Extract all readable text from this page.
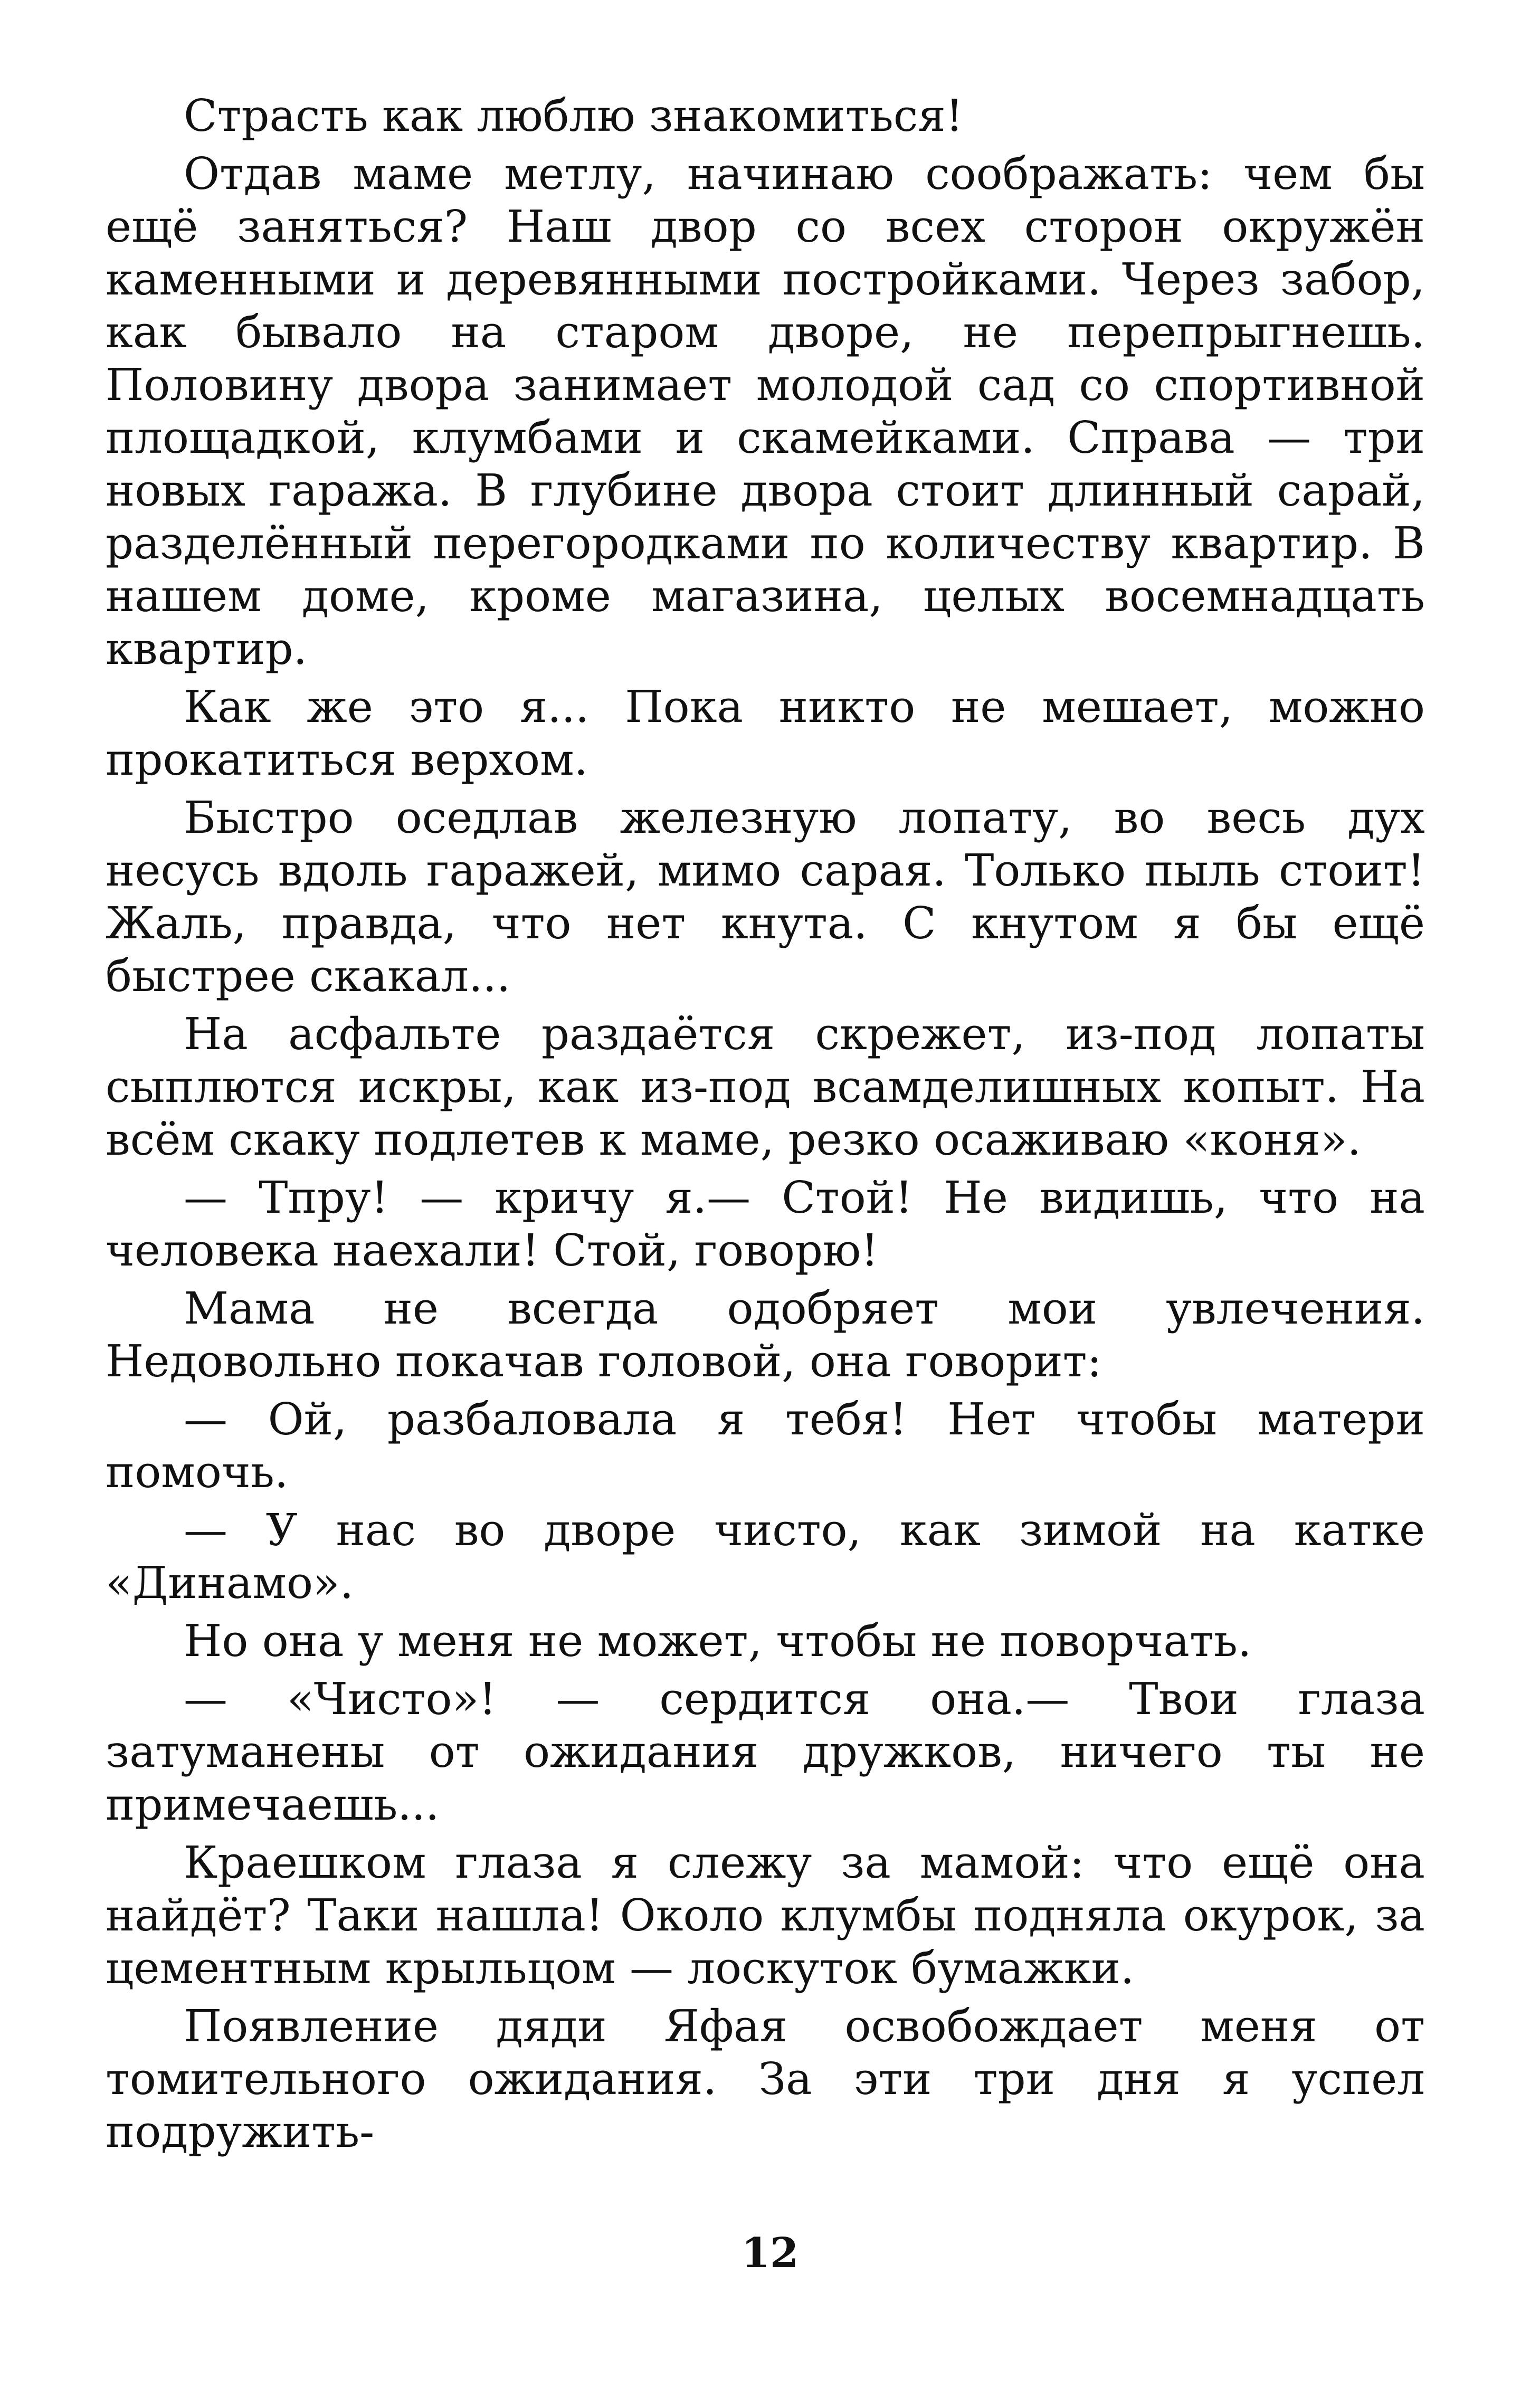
Страсть как люблю знакомиться!

Отдав маме метлу, начинаю соображать: чем бы ещё заняться? Наш двор со всех сторон окружён каменными и деревянными постройками. Через забор, как бывало на старом дворе, не перепрыгнешь. Половину двора занимает молодой сад со спортивной площадкой, клумбами и скамейками. Справа — три новых гаража. В глубине двора стоит длинный сарай, разделённый перегородками по количеству квартир. В нашем доме, кроме магазина, целых восемнадцать квартир.

Как же это я... Пока никто не мешает, можно прокатиться верхом.

Быстро оседлав железную лопату, во весь дух несусь вдоль гаражей, мимо сарая. Только пыль стоит! Жаль, правда, что нет кнута. С кнутом я бы ещё быстрее скакал...

На асфальте раздаётся скрежет, из-под лопаты сыплются искры, как из-под всамделишных копыт. На всём скаку подлетев к маме, резко осаживаю «коня».

— Тпру! — кричу я.— Стой! Не видишь, что на человека наехали! Стой, говорю!

Мама не всегда одобряет мои увлечения. Недовольно покачав головой, она говорит:

— Ой, разбаловала я тебя! Нет чтобы матери помочь.

— У нас во дворе чисто, как зимой на катке «Динамо».

Но она у меня не может, чтобы не поворчать.

— «Чисто»! — сердится она.— Твои глаза затуманены от ожидания дружков, ничего ты не примечаешь...

Краешком глаза я слежу за мамой: что ещё она найдёт? Таки нашла! Около клумбы подняла окурок, за цементным крыльцом — лоскуток бумажки.

Появление дяди Яфая освобождает меня от томительного ожидания. За эти три дня я успел подружить-

12
